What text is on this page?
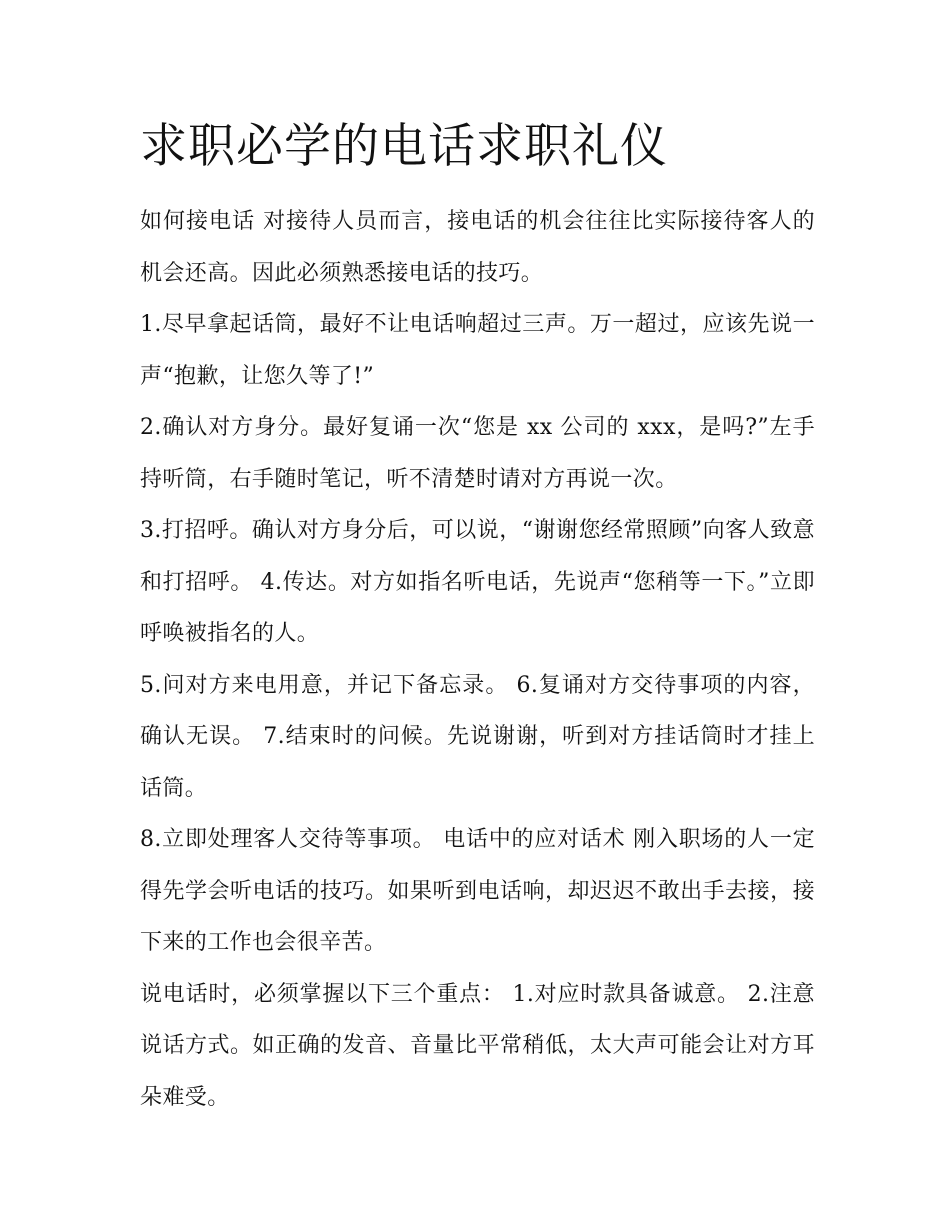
求职必学的电话求职礼仪

如何接电话 对接待人员而言，接电话的机会往往比实际接待客人的机会还高。因此必须熟悉接电话的技巧。

1.尽早拿起话筒，最好不让电话响超过三声。万一超过，应该先说一声“抱歉，让您久等了!”

2.确认对方身分。最好复诵一次“您是 xx 公司的 xxx，是吗?”左手持听筒，右手随时笔记，听不清楚时请对方再说一次。

3.打招呼。确认对方身分后，可以说，“谢谢您经常照顾”向客人致意和打招呼。 4.传达。对方如指名听电话，先说声“您稍等一下。”立即呼唤被指名的人。

5.问对方来电用意，并记下备忘录。 6.复诵对方交待事项的内容，确认无误。 7.结束时的问候。先说谢谢，听到对方挂话筒时才挂上话筒。

8.立即处理客人交待等事项。 电话中的应对话术 刚入职场的人一定得先学会听电话的技巧。如果听到电话响，却迟迟不敢出手去接，接下来的工作也会很辛苦。

说电话时，必须掌握以下三个重点： 1.对应时款具备诚意。 2.注意说话方式。如正确的发音、音量比平常稍低，太大声可能会让对方耳朵难受。
